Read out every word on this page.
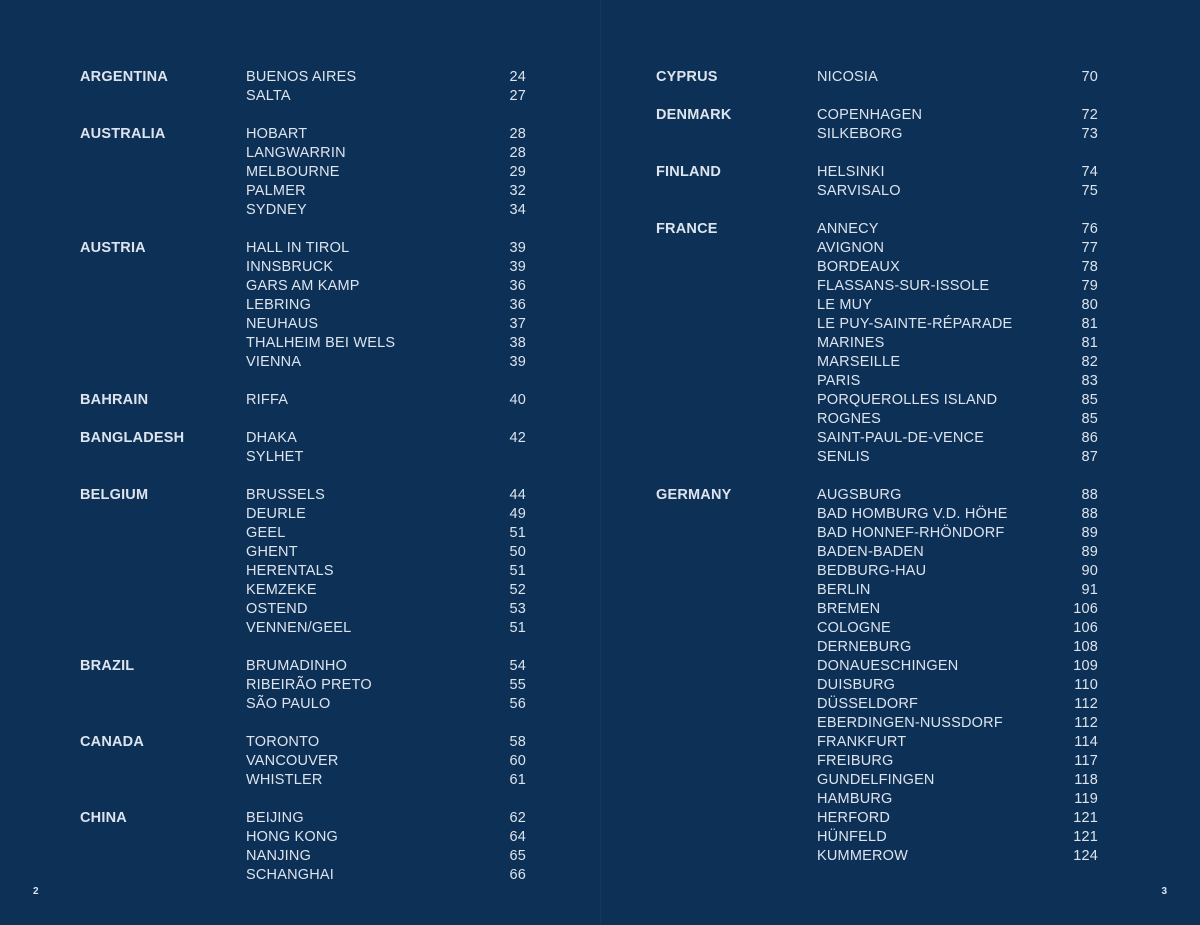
ARGENTINA	BUENOS AIRES	24
SALTA	27
AUSTRALIA	HOBART	28
LANGWARRIN	28
MELBOURNE	29
PALMER	32
SYDNEY	34
AUSTRIA	HALL IN TIROL	39
INNSBRUCK	39
GARS AM KAMP	36
LEBRING	36
NEUHAUS	37
THALHEIM BEI WELS	38
VIENNA	39
BAHRAIN	RIFFA	40
BANGLADESH	DHAKA	42
SYLHET
BELGIUM	BRUSSELS	44
DEURLE	49
GEEL	51
GHENT	50
HERENTALS	51
KEMZEKE	52
OSTEND	53
VENNEN/GEEL	51
BRAZIL	BRUMADINHO	54
RIBEIRÃO PRETO	55
SÃO PAULO	56
CANADA	TORONTO	58
VANCOUVER	60
WHISTLER	61
CHINA	BEIJING	62
HONG KONG	64
NANJING	65
SCHANGHAI	66
2
CYPRUS	NICOSIA	70
DENMARK	COPENHAGEN	72
SILKEBORG	73
FINLAND	HELSINKI	74
SARVISALO	75
FRANCE	ANNECY	76
AVIGNON	77
BORDEAUX	78
FLASSANS-SUR-ISSOLE	79
LE MUY	80
LE PUY-SAINTE-RÉPARADE	81
MARINES	81
MARSEILLE	82
PARIS	83
PORQUEROLLES ISLAND	85
ROGNES	85
SAINT-PAUL-DE-VENCE	86
SENLIS	87
GERMANY	AUGSBURG	88
BAD HOMBURG V.D. HÖHE	88
BAD HONNEF-RHÖNDORF	89
BADEN-BADEN	89
BEDBURG-HAU	90
BERLIN	91
BREMEN	106
COLOGNE	106
DERNEBURG	108
DONAUESCHINGEN	109
DUISBURG	110
DÜSSELDORF	112
EBERDINGEN-NUSSDORF	112
FRANKFURT	114
FREIBURG	117
GUNDELFINGEN	118
HAMBURG	119
HERFORD	121
HÜNFELD	121
KUMMEROW	124
3
